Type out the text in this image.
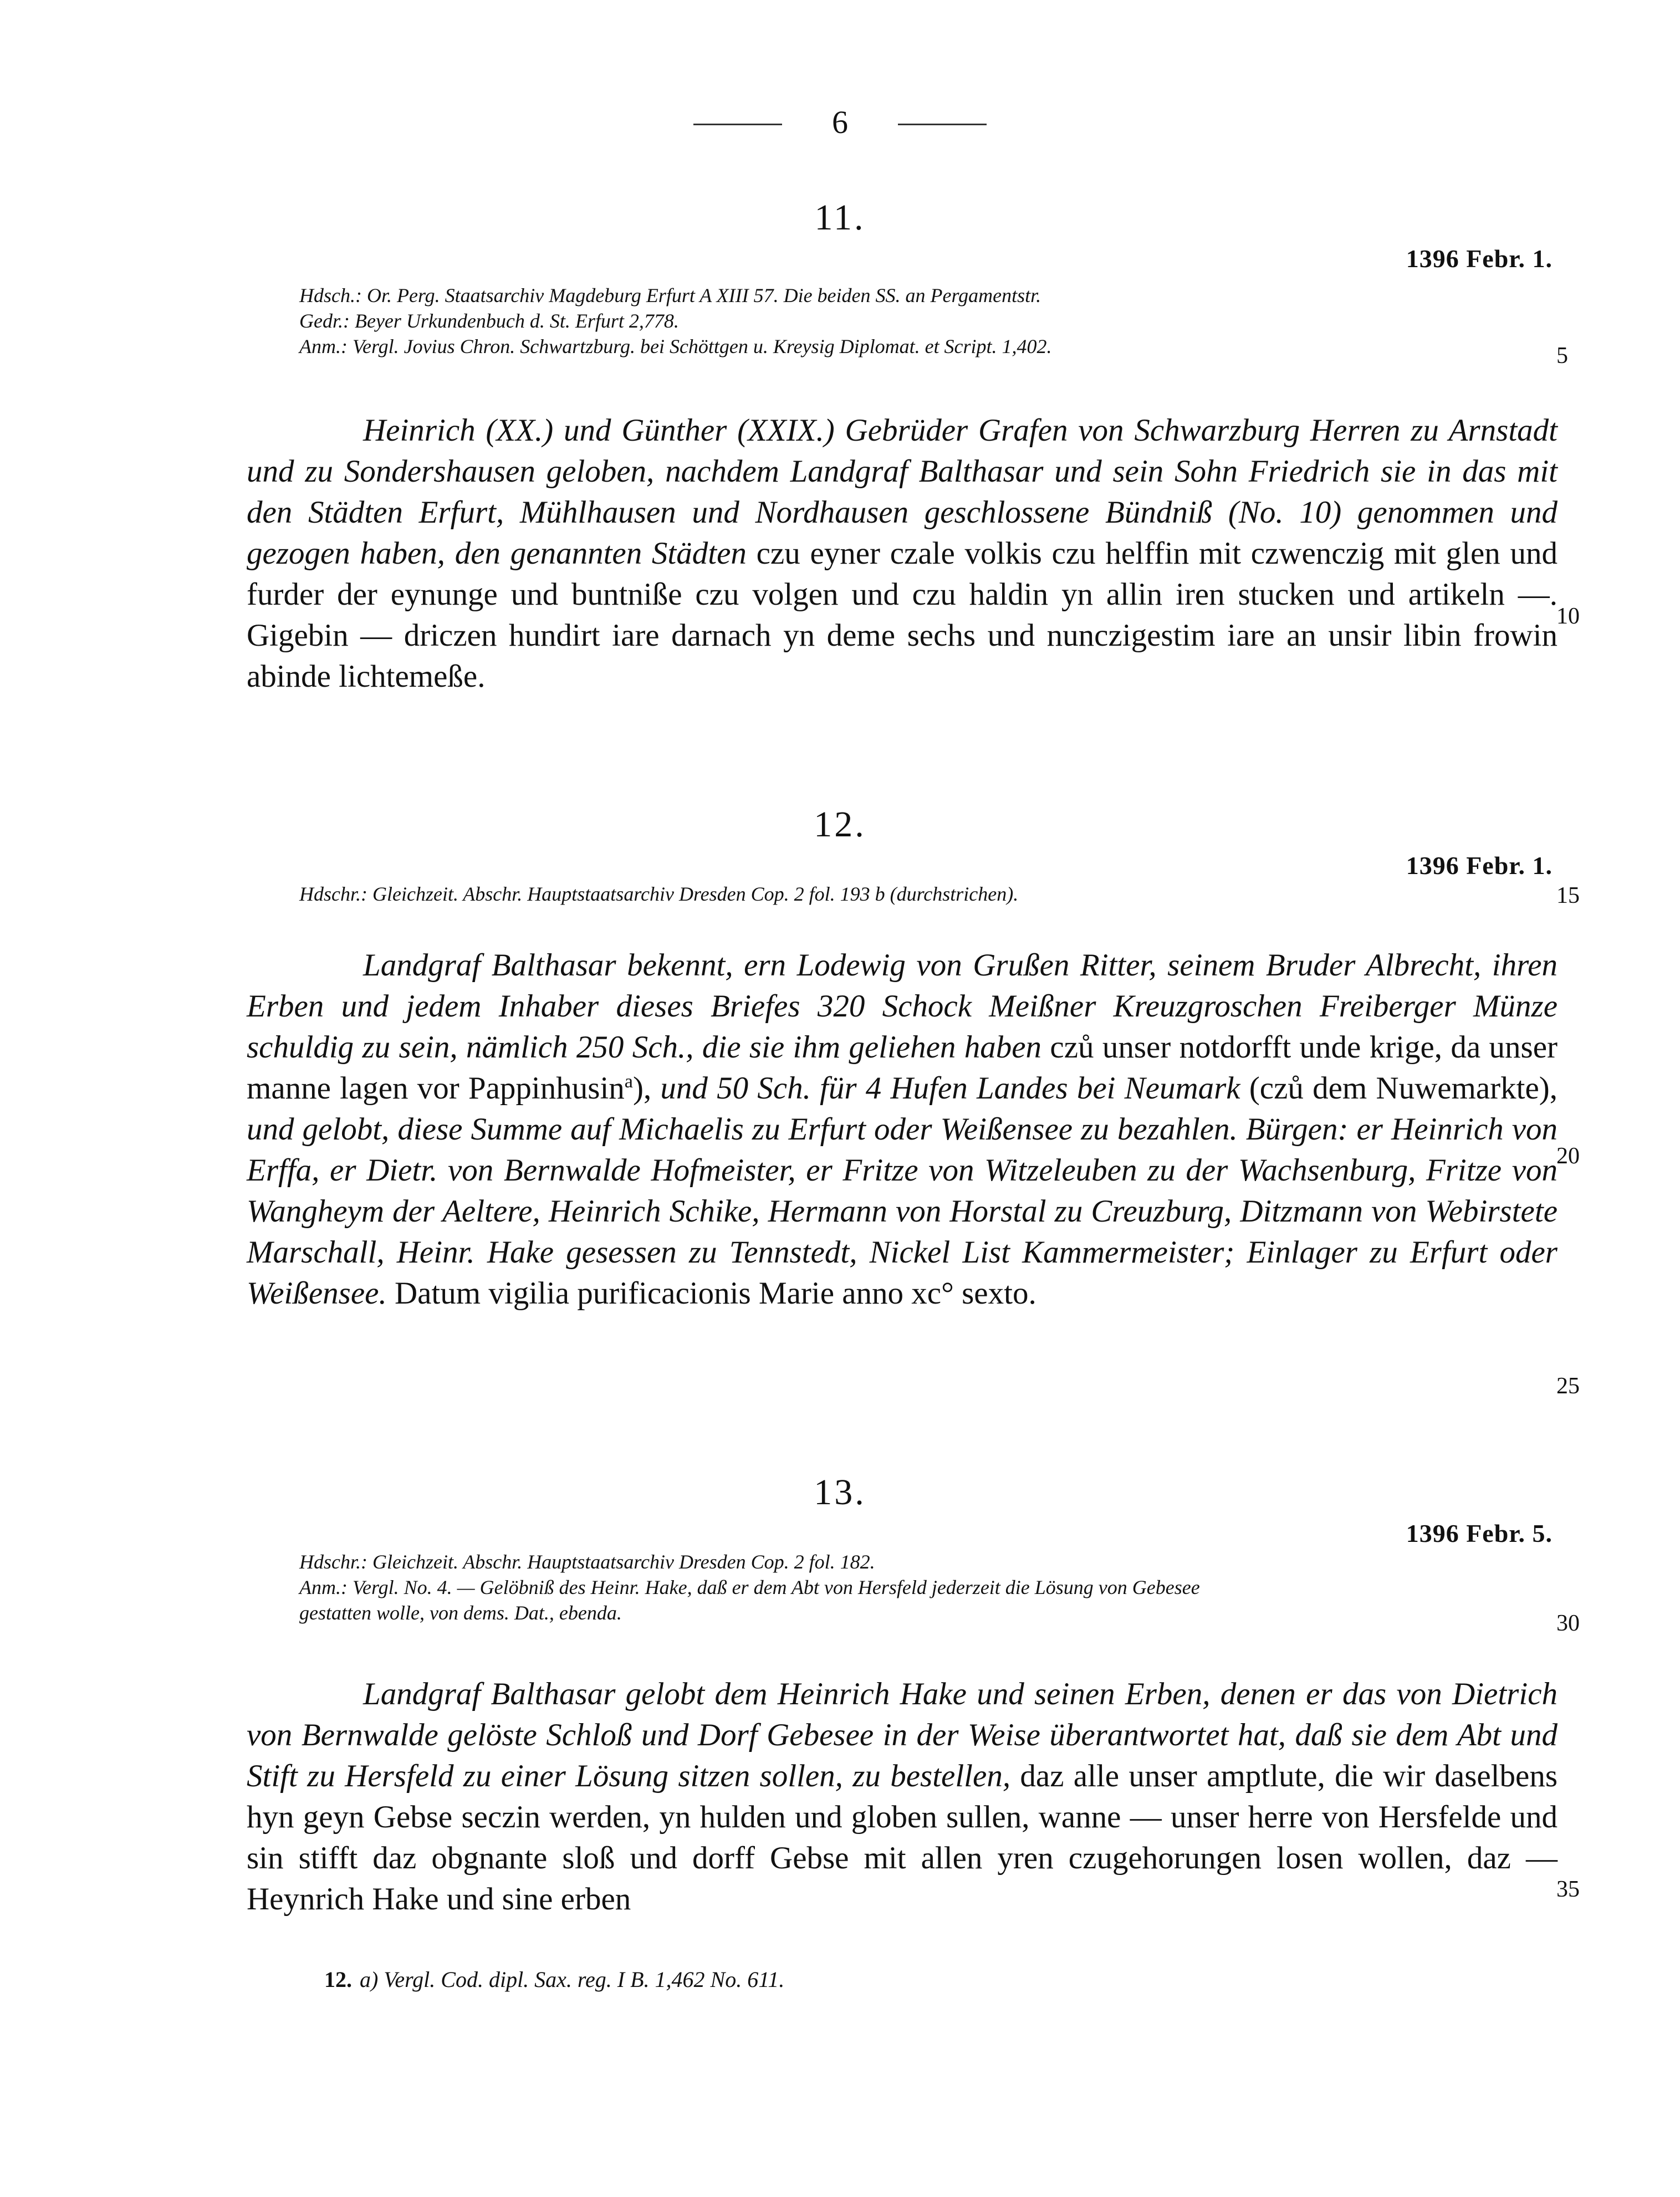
6
11.
1396 Febr. 1.
Hdsch.: Or. Perg. Staatsarchiv Magdeburg Erfurt A XIII 57. Die beiden SS. an Pergamentstr.
Gedr.: Beyer Urkundenbuch d. St. Erfurt 2,778.
Anm.: Vergl. Jovius Chron. Schwartzburg. bei Schöttgen u. Kreysig Diplomat. et Script. 1,402.	5

Heinrich (XX.) und Günther (XXIX.) Gebrüder Grafen von Schwarzburg Herren zu Arnstadt und zu Sondershausen geloben, nachdem Landgraf Balthasar und sein Sohn Friedrich sie in das mit den Städten Erfurt, Mühlhausen und Nordhausen geschlossene Bündniß (No. 10) genommen und gezogen haben, den genannten Städten czu eyner czale volkis czu helffin mit czwenczig mit glen und furder der eynunge und buntniße czu volgen und czu haldin yn allin iren stucken und artikeln —. Gigebin — driczen hundirt iare darnach yn deme sechs und nunczigestim iare an unsir libin frowin abinde lichtemeße.

10
12.
1396 Febr. 1.
Hdschr.: Gleichzeit. Abschr. Hauptstaatsarchiv Dresden Cop. 2 fol. 193 b (durchstrichen).	15

Landgraf Balthasar bekennt, ern Lodewig von Grußen Ritter, seinem Bruder Albrecht, ihren Erben und jedem Inhaber dieses Briefes 320 Schock Meißner Kreuzgroschen Freiberger Münze schuldig zu sein, nämlich 250 Sch., die sie ihm geliehen haben czů unser notdorfft unde krige, da unser manne lagen vor Pappinhusin$^a$), und 50 Sch. für 4 Hufen Landes bei Neumark (czů dem Nuwemarkte), und gelobt, diese Summe auf Michaelis zu Erfurt oder Weißensee zu bezahlen. Bürgen: er Heinrich von Erffa, er Dietr. von Bernwalde Hofmeister, er Fritze von Witzeleuben zu der Wachsenburg, Fritze von Wangheym der Aeltere, Heinrich Schike, Hermann von Horstal zu Creuzburg, Ditzmann von Webirstete Marschall, Heinr. Hake gesessen zu Tennstedt, Nickel List Kammermeister; Einlager zu Erfurt oder Weißensee. Datum vigilia purificacionis Marie anno xc° sexto.

20
25
13.
1396 Febr. 5.
Hdschr.: Gleichzeit. Abschr. Hauptstaatsarchiv Dresden Cop. 2 fol. 182.
Anm.: Vergl. No. 4. — Gelöbniß des Heinr. Hake, daß er dem Abt von Hersfeld jederzeit die Lösung von Gebesee
gestatten wolle, von dems. Dat., ebenda.	30

Landgraf Balthasar gelobt dem Heinrich Hake und seinen Erben, denen er das von Dietrich von Bernwalde gelöste Schloß und Dorf Gebesee in der Weise überantwortet hat, daß sie dem Abt und Stift zu Hersfeld zu einer Lösung sitzen sollen, zu bestellen, daz alle unser amptlute, die wir daselbens hyn geyn Gebse seczin werden, yn hulden und globen sullen, wanne — unser herre von Hersfelde und sin stifft daz obgnante sloß und dorff Gebse mit allen yren czugehorungen losen wollen, daz — Heynrich Hake und sine erben	35
12. a) Vergl. Cod. dipl. Sax. reg. I B. 1,462 No. 611.
